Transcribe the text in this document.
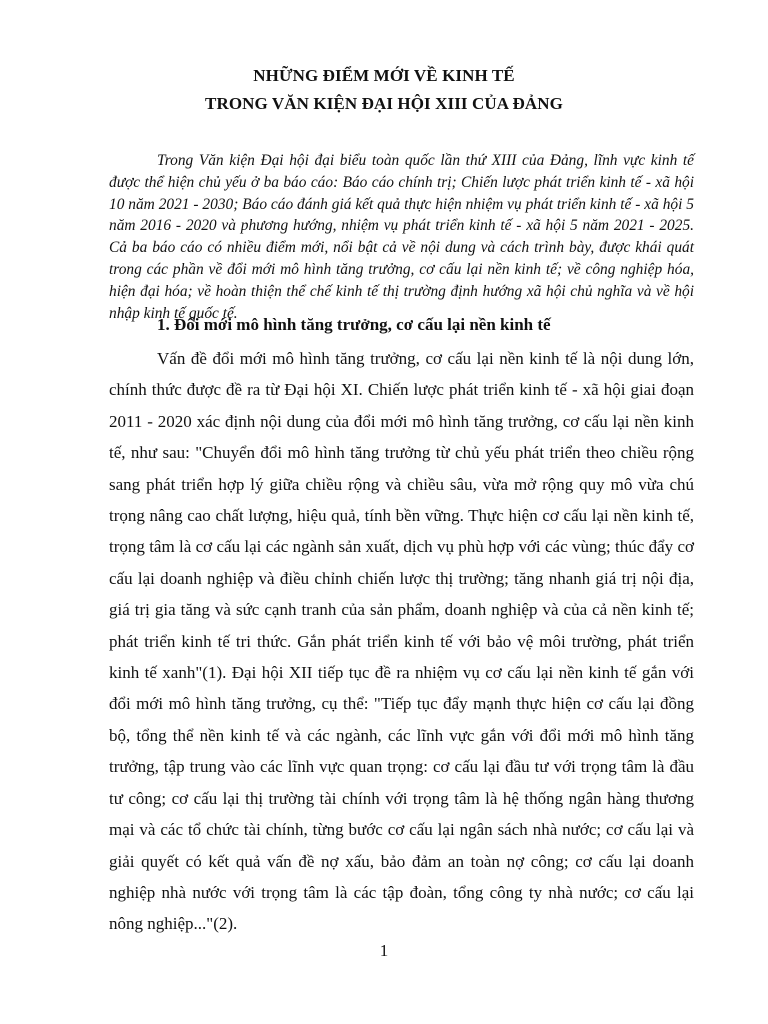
NHỮNG ĐIỂM MỚI VỀ KINH TẾ
TRONG VĂN KIỆN ĐẠI HỘI XIII CỦA ĐẢNG

Trong Văn kiện Đại hội đại biểu toàn quốc lần thứ XIII của Đảng, lĩnh vực kinh tế được thể hiện chủ yếu ở ba báo cáo: Báo cáo chính trị; Chiến lược phát triển kinh tế - xã hội 10 năm 2021 - 2030; Báo cáo đánh giá kết quả thực hiện nhiệm vụ phát triển kinh tế - xã hội 5 năm 2016 - 2020 và phương hướng, nhiệm vụ phát triển kinh tế - xã hội 5 năm 2021 - 2025. Cả ba báo cáo có nhiều điểm mới, nổi bật cả về nội dung và cách trình bày, được khái quát trong các phần về đổi mới mô hình tăng trưởng, cơ cấu lại nền kinh tế; về công nghiệp hóa, hiện đại hóa; về hoàn thiện thể chế kinh tế thị trường định hướng xã hội chủ nghĩa và về hội nhập kinh tế quốc tế.

1. Đổi mới mô hình tăng trưởng, cơ cấu lại nền kinh tế

Vấn đề đổi mới mô hình tăng trưởng, cơ cấu lại nền kinh tế là nội dung lớn, chính thức được đề ra từ Đại hội XI. Chiến lược phát triển kinh tế - xã hội giai đoạn 2011 - 2020 xác định nội dung của đổi mới mô hình tăng trưởng, cơ cấu lại nền kinh tế, như sau: "Chuyển đổi mô hình tăng trưởng từ chủ yếu phát triển theo chiều rộng sang phát triển hợp lý giữa chiều rộng và chiều sâu, vừa mở rộng quy mô vừa chú trọng nâng cao chất lượng, hiệu quả, tính bền vững. Thực hiện cơ cấu lại nền kinh tế, trọng tâm là cơ cấu lại các ngành sản xuất, dịch vụ phù hợp với các vùng; thúc đẩy cơ cấu lại doanh nghiệp và điều chỉnh chiến lược thị trường; tăng nhanh giá trị nội địa, giá trị gia tăng và sức cạnh tranh của sản phẩm, doanh nghiệp và của cả nền kinh tế; phát triển kinh tế tri thức. Gắn phát triển kinh tế với bảo vệ môi trường, phát triển kinh tế xanh"(1). Đại hội XII tiếp tục đề ra nhiệm vụ cơ cấu lại nền kinh tế gắn với đổi mới mô hình tăng trưởng, cụ thể: "Tiếp tục đẩy mạnh thực hiện cơ cấu lại đồng bộ, tổng thể nền kinh tế và các ngành, các lĩnh vực gắn với đổi mới mô hình tăng trưởng, tập trung vào các lĩnh vực quan trọng: cơ cấu lại đầu tư với trọng tâm là đầu tư công; cơ cấu lại thị trường tài chính với trọng tâm là hệ thống ngân hàng thương mại và các tổ chức tài chính, từng bước cơ cấu lại ngân sách nhà nước; cơ cấu lại và giải quyết có kết quả vấn đề nợ xấu, bảo đảm an toàn nợ công; cơ cấu lại doanh nghiệp nhà nước với trọng tâm là các tập đoàn, tổng công ty nhà nước; cơ cấu lại nông nghiệp..."(2).

1
